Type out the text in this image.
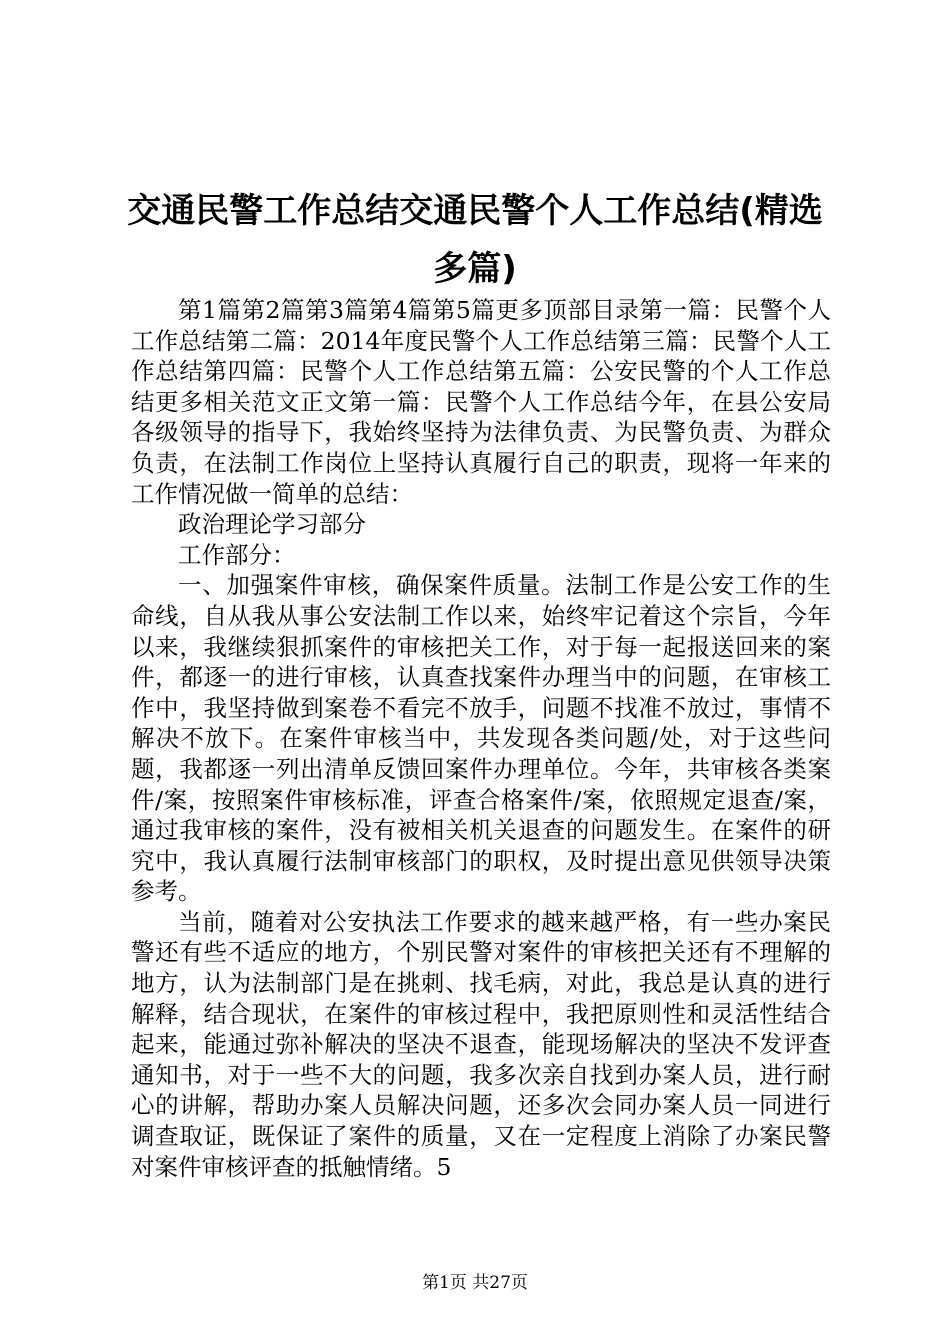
交通民警工作总结交通民警个人工作总结(精选多篇)

第1篇第2篇第3篇第4篇第5篇更多顶部目录第一篇：民警个人工作总结第二篇：2014年度民警个人工作总结第三篇：民警个人工作总结第四篇：民警个人工作总结第五篇：公安民警的个人工作总结更多相关范文正文第一篇：民警个人工作总结今年，在县公安局各级领导的指导下，我始终坚持为法律负责、为民警负责、为群众负责，在法制工作岗位上坚持认真履行自己的职责，现将一年来的工作情况做一简单的总结：

政治理论学习部分

工作部分：

一、加强案件审核，确保案件质量。法制工作是公安工作的生命线，自从我从事公安法制工作以来，始终牢记着这个宗旨，今年以来，我继续狠抓案件的审核把关工作，对于每一起报送回来的案件，都逐一的进行审核，认真查找案件办理当中的问题，在审核工作中，我坚持做到案卷不看完不放手，问题不找准不放过，事情不解决不放下。在案件审核当中，共发现各类问题/处，对于这些问题，我都逐一列出清单反馈回案件办理单位。今年，共审核各类案件/案，按照案件审核标准，评查合格案件/案，依照规定退查/案，通过我审核的案件，没有被相关机关退查的问题发生。在案件的研究中，我认真履行法制审核部门的职权，及时提出意见供领导决策参考。

当前，随着对公安执法工作要求的越来越严格，有一些办案民警还有些不适应的地方，个别民警对案件的审核把关还有不理解的地方，认为法制部门是在挑刺、找毛病，对此，我总是认真的进行解释，结合现状，在案件的审核过程中，我把原则性和灵活性结合起来，能通过弥补解决的坚决不退查，能现场解决的坚决不发评查通知书，对于一些不大的问题，我多次亲自找到办案人员，进行耐心的讲解，帮助办案人员解决问题，还多次会同办案人员一同进行调查取证，既保证了案件的质量，又在一定程度上消除了办案民警对案件审核评查的抵触情绪。5

第1页 共27页
